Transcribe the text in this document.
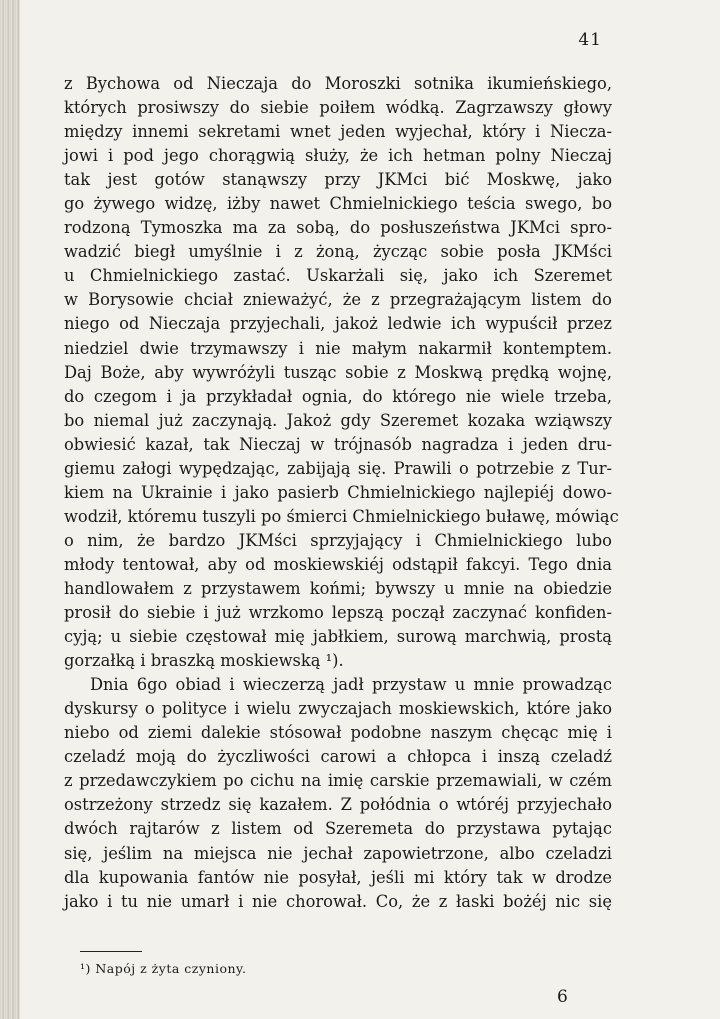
41
z Bychowa od Nieczaja do Moroszki sotnika ikumieńskiego,
których prosiwszy do siebie poiłem wódką. Zagrzawszy głowy
między innemi sekretami wnet jeden wyjechał, który i Niecza-
jowi i pod jego chorągwią służy, że ich hetman polny Nieczaj
tak jest gotów stanąwszy przy JKMci bić Moskwę, jako
go żywego widzę, iżby nawet Chmielnickiego teścia swego, bo
rodzoną Tymoszka ma za sobą, do posłuszeństwa JKMci spro-
wadzić biegł umyślnie i z żoną, życząc sobie posła JKMści
u Chmielnickiego zastać. Uskarżali się, jako ich Szeremet
w Borysowie chciał znieważyć, że z przegrażającym listem do
niego od Nieczaja przyjechali, jakoż ledwie ich wypuścił przez
niedziel dwie trzymawszy i nie małym nakarmił kontemptem.
Daj Boże, aby wywróżyli tusząc sobie z Moskwą prędką wojnę,
do czegom i ja przykładał ognia, do którego nie wiele trzeba,
bo niemal już zaczynają. Jakoż gdy Szeremet kozaka wziąwszy
obwiesić kazał, tak Nieczaj w trójnasób nagradza i jeden dru-
giemu załogi wypędzając, zabijają się. Prawili o potrzebie z Tur-
kiem na Ukrainie i jako pasierb Chmielnickiego najlepiéj dowo-
wodził, któremu tuszyli po śmierci Chmielnickiego buławę, mówiąc
o nim, że bardzo JKMści sprzyjający i Chmielnickiego lubo
młody tentował, aby od moskiewskiéj odstąpił fakcyi. Tego dnia
handlowałem z przystawem końmi; bywszy u mnie na obiedzie
prosił do siebie i już wrzkomo lepszą począł zaczynać konfiden-
cyją; u siebie częstował mię jabłkiem, surową marchwią, prostą
gorzałką i braszką moskiewską ¹).
Dnia 6go obiad i wieczerzą jadł przystaw u mnie prowadząc
dyskursy o polityce i wielu zwyczajach moskiewskich, które jako
niebo od ziemi dalekie stósował podobne naszym chęcąc mię i
czeladź moją do życzliwości carowi a chłopca i inszą czeladź
z przedawczykiem po cichu na imię carskie przemawiali, w czém
ostrzeżony strzedz się kazałem. Z połódnia o wtóréj przyjechało
dwóch rajtarów z listem od Szeremeta do przystawa pytając
się, jeślim na miejsca nie jechał zapowietrzone, albo czeladzi
dla kupowania fantów nie posyłał, jeśli mi który tak w drodze
jako i tu nie umarł i nie chorował. Co, że z łaski bożéj nic się
¹) Napój z żyta czyniony.
6
